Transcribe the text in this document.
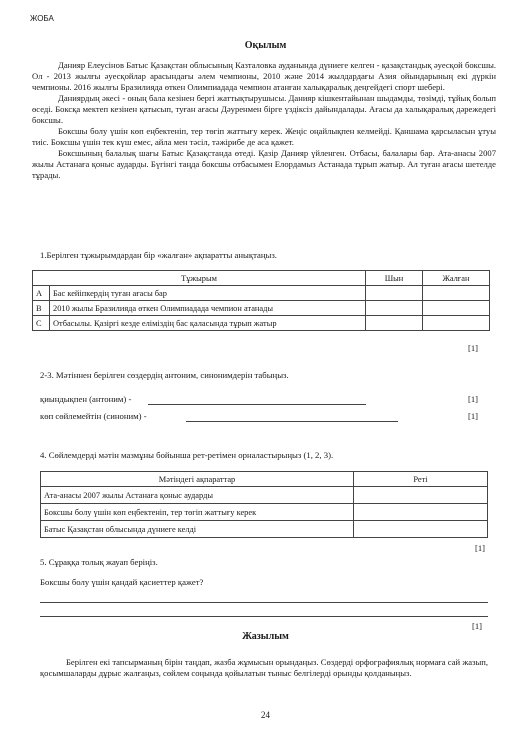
ЖОБА
Оқылым

Данияр Елеусінов Батыс Қазақстан облысының Казталовка ауданында дүниеге келген - қазақстандық әуесқой боксшы. Ол - 2013 жылғы әуесқойлар арасындағы әлем чемпионы, 2010 және 2014 жылдардағы Азия ойындарының екі дүркін чемпионы. 2016 жылғы Бразилияда өткен Олимпиадада чемпион атанған халықаралық деңгейдегі спорт шебері.

Даниярдың әкесі - оның бала кезінен бергі жаттықтырушысы. Данияр кішкентайынан шыдамды, төзімді, тұйық болып өседі. Боксқа мектеп кезінен қатысып, туған ағасы Дәуренмен бірге үздіксіз дайындалады. Ағасы да халықаралық дәрежедегі боксшы.

Боксшы болу үшін көп еңбектеніп, тер төгіп жаттығу керек. Жеңіс оңайлықпен келмейді. Қаншама қарсыласын ұтуы тиіс. Боксшы үшін тек күш емес, айла мен тәсіл, тәжірибе де аса қажет.

Боксшының балалық шағы Батыс Қазақстанда өтеді. Қазір Данияр үйленген. Отбасы, балалары бар. Ата-анасы 2007 жылы Астанаға қоныс аударды. Бүгінгі таңда боксшы отбасымен Елордамыз Астанада тұрып жатыр. Ал туған ағасы шетелде тұрады.

1.Берілген тұжырымдардан бір «жалған» ақпаратты анықтаңыз.
Тұжырым		Шын	Жалған
A	Бас кейіпкердің туған ағасы бар		
B	2010 жылы Бразилияда өткен Олимпиадада чемпион атанады		
C	Отбасылы. Қазіргі кезде еліміздің бас қаласында тұрып жатыр		
[1]
2-3. Мәтіннен берілген сөздердің антоним, синонимдерін табыңыз.
қиындықпен (антоним) -	[1]
көп сөйлемейтін (синоним) -	[1]
4. Сөйлемдерді мәтін мазмұны бойынша рет-ретімен орналастырыңыз (1, 2, 3).
Мәтіндегі ақпараттар	Реті
Ата-анасы 2007 жылы Астанаға қоныс аударды	
Боксшы болу үшін көп еңбектеніп, тер төгіп жаттығу керек	
Батыс Қазақстан облысында дүниеге келді	
[1]
5. Сұраққа толық жауап беріңіз.
Боксшы болу үшін қандай қасиеттер қажет?
[1]
Жазылым

Берілген екі тапсырманың бірін таңдап, жазба жұмысын орындаңыз. Сөздерді орфографиялық нормаға сай жазып, қосымшаларды дұрыс жалғаңыз, сөйлем соңында қойылатын тыныс белгілерді орынды қолданыңыз.

24
